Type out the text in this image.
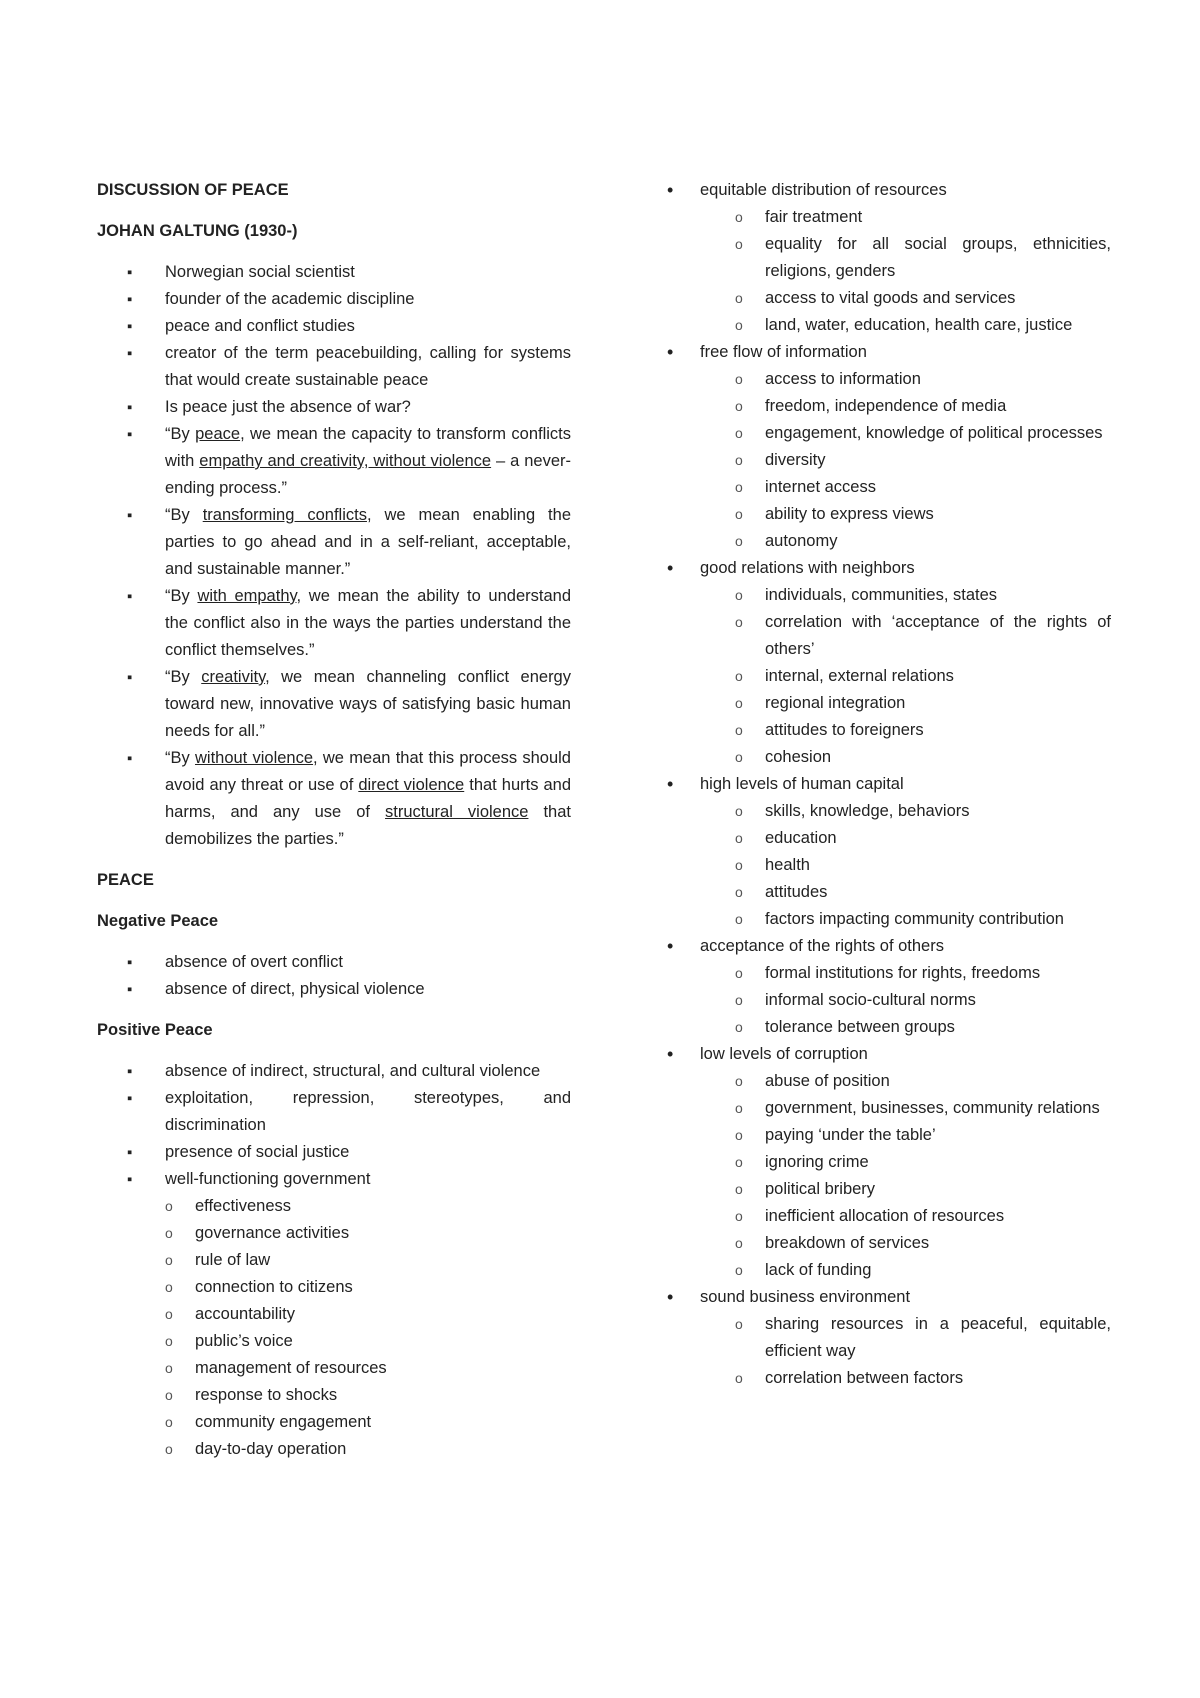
DISCUSSION OF PEACE

JOHAN GALTUNG (1930-)

▪ Norwegian social scientist
▪ founder of the academic discipline
▪ peace and conflict studies
▪ creator of the term peacebuilding, calling for systems that would create sustainable peace
▪ Is peace just the absence of war?
▪ “By peace, we mean the capacity to transform conflicts with empathy and creativity, without violence – a never-ending process.”
▪ “By transforming conflicts, we mean enabling the parties to go ahead and in a self-reliant, acceptable, and sustainable manner.”
▪ “By with empathy, we mean the ability to understand the conflict also in the ways the parties understand the conflict themselves.”
▪ “By creativity, we mean channeling conflict energy toward new, innovative ways of satisfying basic human needs for all.”
▪ “By without violence, we mean that this process should avoid any threat or use of direct violence that hurts and harms, and any use of structural violence that demobilizes the parties.”

PEACE

Negative Peace

▪ absence of overt conflict
▪ absence of direct, physical violence

Positive Peace

▪ absence of indirect, structural, and cultural violence
▪ exploitation, repression, stereotypes, and discrimination
▪ presence of social justice
▪ well-functioning government
o effectiveness
o governance activities
o rule of law
o connection to citizens
o accountability
o public’s voice
o management of resources
o response to shocks
o community engagement
o day-to-day operation
• equitable distribution of resources
o fair treatment
o equality for all social groups, ethnicities, religions, genders
o access to vital goods and services
o land, water, education, health care, justice
• free flow of information
o access to information
o freedom, independence of media
o engagement, knowledge of political processes
o diversity
o internet access
o ability to express views
o autonomy
• good relations with neighbors
o individuals, communities, states
o correlation with ‘acceptance of the rights of others’
o internal, external relations
o regional integration
o attitudes to foreigners
o cohesion
• high levels of human capital
o skills, knowledge, behaviors
o education
o health
o attitudes
o factors impacting community contribution
• acceptance of the rights of others
o formal institutions for rights, freedoms
o informal socio-cultural norms
o tolerance between groups
• low levels of corruption
o abuse of position
o government, businesses, community relations
o paying ‘under the table’
o ignoring crime
o political bribery
o inefficient allocation of resources
o breakdown of services
o lack of funding
• sound business environment
o sharing resources in a peaceful, equitable, efficient way
o correlation between factors
